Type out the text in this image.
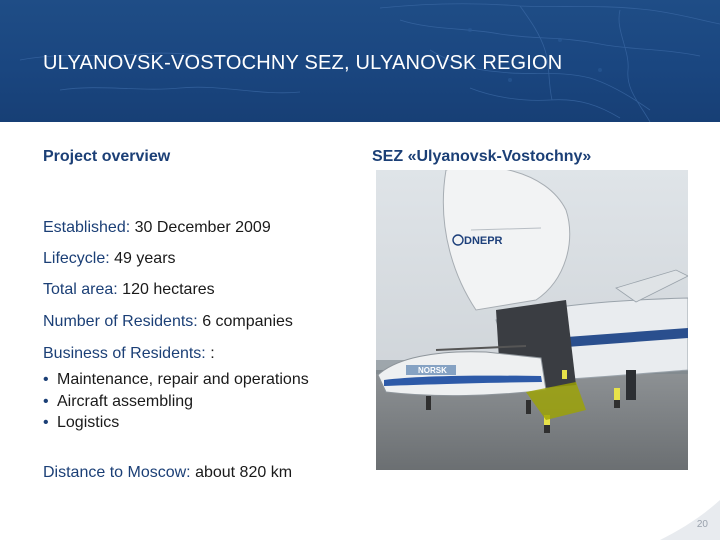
ULYANOVSK-VOSTOCHNY SEZ, ULYANOVSK REGION
Project overview	SEZ «Ulyanovsk-Vostochny»
Established: 30 December 2009
Lifecycle: 49 years
Total area: 120 hectares
Number of Residents: 6 companies
Business of Residents: :
• Maintenance, repair and operations
• Aircraft assembling
• Logistics
Distance to Moscow: about 820 km
DNEPR
NORSK
20
